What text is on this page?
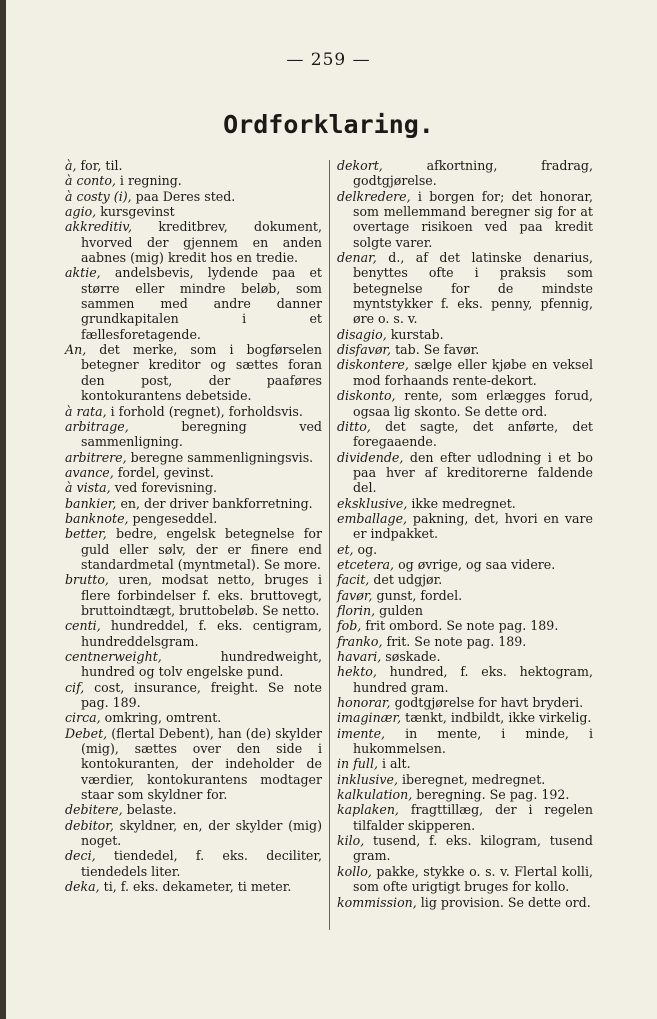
— 259 —
Ordforklaring.

à, for, til.

à conto, i regning.

à costy (i), paa Deres sted.

agio, kursgevinst

akkreditiv, kreditbrev, dokument, hvorved der gjennem en anden aabnes (mig) kredit hos en tredie.

aktie, andelsbevis, lydende paa et større eller mindre beløb, som sammen med andre danner grundkapitalen i et fællesforetagende.

An, det merke, som i bogførselen betegner kreditor og sættes foran den post, der paaføres kontokurantens debetside.

à rata, i forhold (regnet), forholdsvis.

arbitrage, beregning ved sammenligning.

arbitrere, beregne sammenligningsvis.

avance, fordel, gevinst.

à vista, ved forevisning.

bankier, en, der driver bankforretning.

banknote, pengeseddel.

better, bedre, engelsk betegnelse for guld eller sølv, der er finere end standardmetal (myntmetal). Se more.

brutto, uren, modsat netto, bruges i flere forbindelser f. eks. bruttovegt, bruttoindtægt, bruttobeløb. Se netto.

centi, hundreddel, f. eks. centigram, hundreddelsgram.

centnerweight, hundredweight, hundred og tolv engelske pund.

cif, cost, insurance, freight. Se note pag. 189.

circa, omkring, omtrent.

Debet, (flertal Debent), han (de) skylder (mig), sættes over den side i kontokuranten, der indeholder de værdier, kontokurantens modtager staar som skyldner for.

debitere, belaste.

debitor, skyldner, en, der skylder (mig) noget.

deci, tiendedel, f. eks. deciliter, tiendedels liter.

deka, ti, f. eks. dekameter, ti meter.

dekort, afkortning, fradrag, godtgjørelse.

delkredere, i borgen for; det honorar, som mellemmand beregner sig for at overtage risikoen ved paa kredit solgte varer.

denar, d., af det latinske denarius, benyttes ofte i praksis som betegnelse for de mindste myntstykker f. eks. penny, pfennig, øre o. s. v.

disagio, kurstab.

disfavør, tab. Se favør.

diskontere, sælge eller kjøbe en veksel mod forhaands rente-dekort.

diskonto, rente, som erlægges forud, ogsaa lig skonto. Se dette ord.

ditto, det sagte, det anførte, det foregaaende.

dividende, den efter udlodning i et bo paa hver af kreditorerne faldende del.

eksklusive, ikke medregnet.

emballage, pakning, det, hvori en vare er indpakket.

et, og.

etcetera, og øvrige, og saa videre.

facit, det udgjør.

favør, gunst, fordel.

florin, gulden

fob, frit ombord. Se note pag. 189.

franko, frit. Se note pag. 189.

havari, søskade.

hekto, hundred, f. eks. hektogram, hundred gram.

honorar, godtgjørelse for havt bryderi.

imaginær, tænkt, indbildt, ikke virkelig.

imente, in mente, i minde, i hukommelsen.

in full, i alt.

inklusive, iberegnet, medregnet.

kalkulation, beregning. Se pag. 192.

kaplaken, fragttillæg, der i regelen tilfalder skipperen.

kilo, tusend, f. eks. kilogram, tusend gram.

kollo, pakke, stykke o. s. v. Flertal kolli, som ofte urigtigt bruges for kollo.

kommission, lig provision. Se dette ord.
